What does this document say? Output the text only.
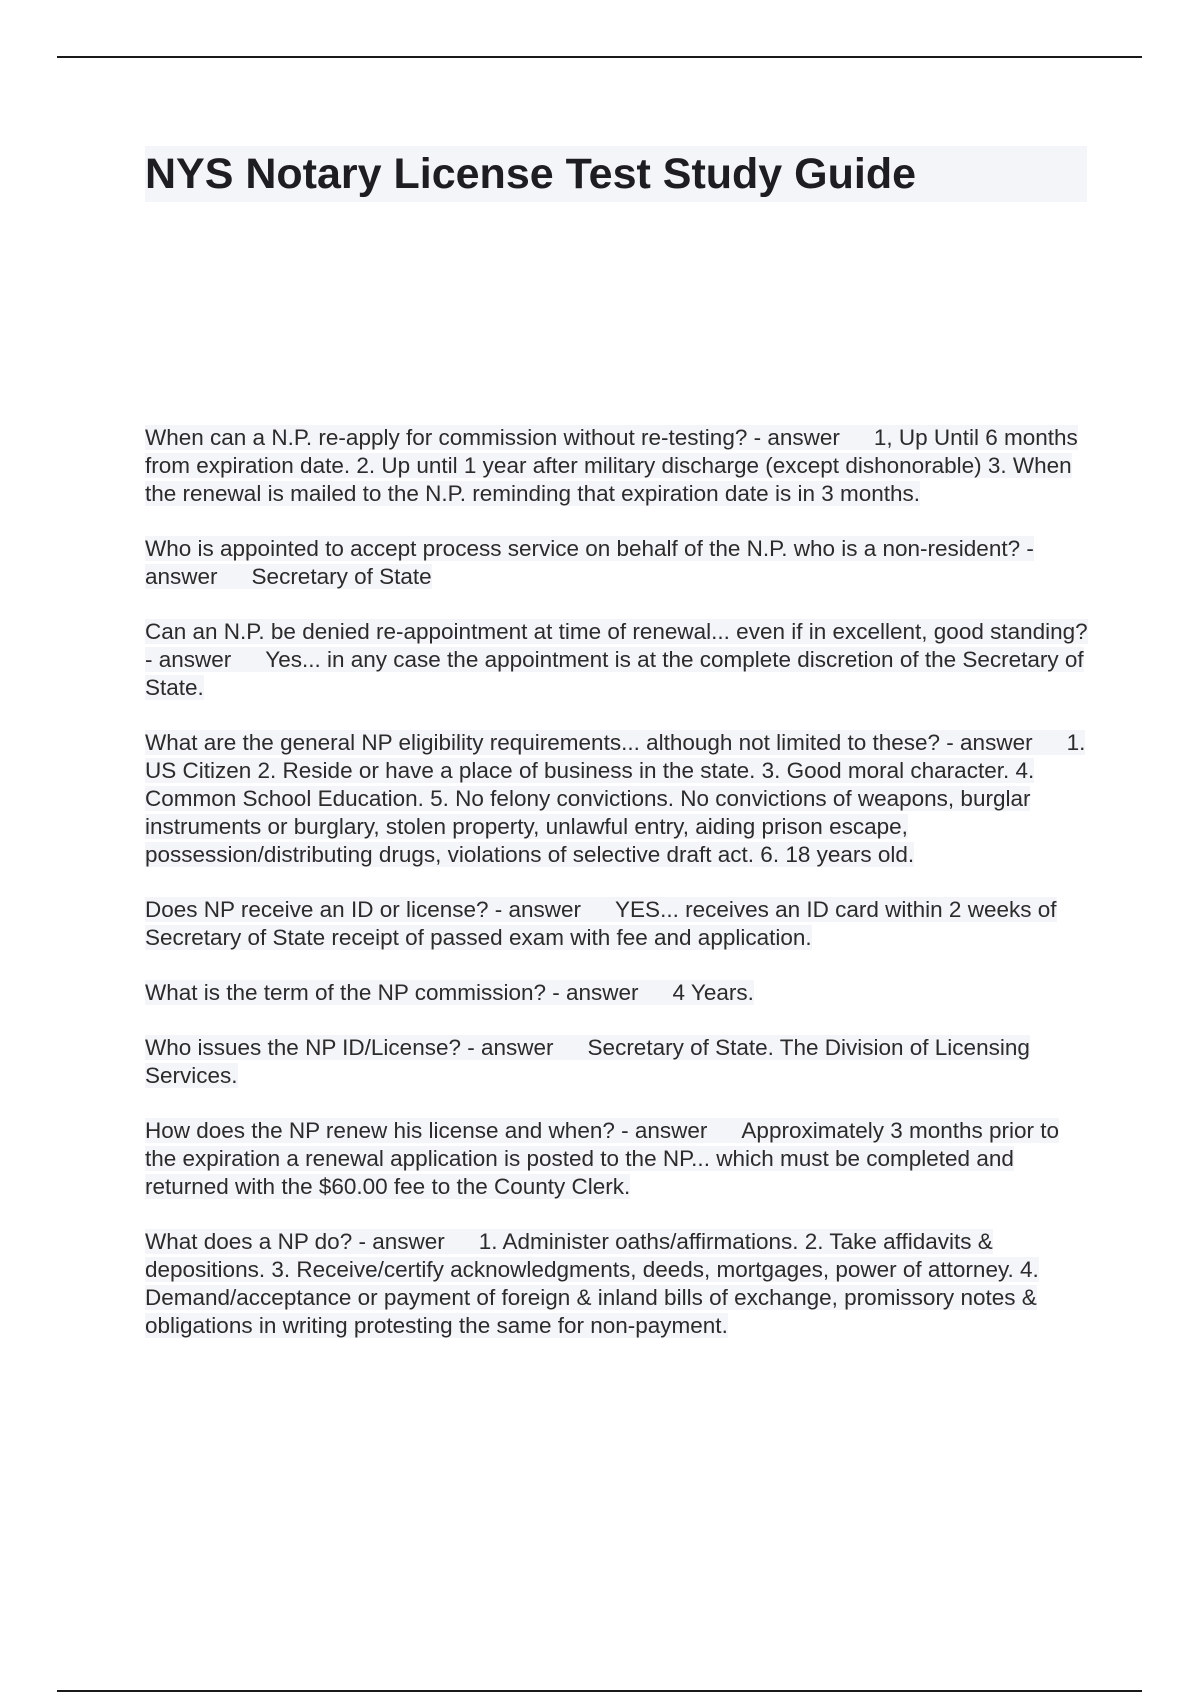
NYS Notary License Test Study Guide

When can a N.P. re-apply for commission without re-testing? - answer 1, Up Until 6 months from expiration date. 2. Up until 1 year after military discharge (except dishonorable) 3. When the renewal is mailed to the N.P. reminding that expiration date is in 3 months.

Who is appointed to accept process service on behalf of the N.P. who is a non-resident? - answer Secretary of State

Can an N.P. be denied re-appointment at time of renewal... even if in excellent, good standing? - answer Yes... in any case the appointment is at the complete discretion of the Secretary of State.

What are the general NP eligibility requirements... although not limited to these? - answer 1. US Citizen 2. Reside or have a place of business in the state. 3. Good moral character. 4. Common School Education. 5. No felony convictions. No convictions of weapons, burglar instruments or burglary, stolen property, unlawful entry, aiding prison escape, possession/distributing drugs, violations of selective draft act. 6. 18 years old.

Does NP receive an ID or license? - answer YES... receives an ID card within 2 weeks of Secretary of State receipt of passed exam with fee and application.

What is the term of the NP commission? - answer 4 Years.

Who issues the NP ID/License? - answer Secretary of State. The Division of Licensing Services.

How does the NP renew his license and when? - answer Approximately 3 months prior to the expiration a renewal application is posted to the NP... which must be completed and returned with the $60.00 fee to the County Clerk.

What does a NP do? - answer 1. Administer oaths/affirmations. 2. Take affidavits & depositions. 3. Receive/certify acknowledgments, deeds, mortgages, power of attorney. 4. Demand/acceptance or payment of foreign & inland bills of exchange, promissory notes & obligations in writing protesting the same for non-payment.
